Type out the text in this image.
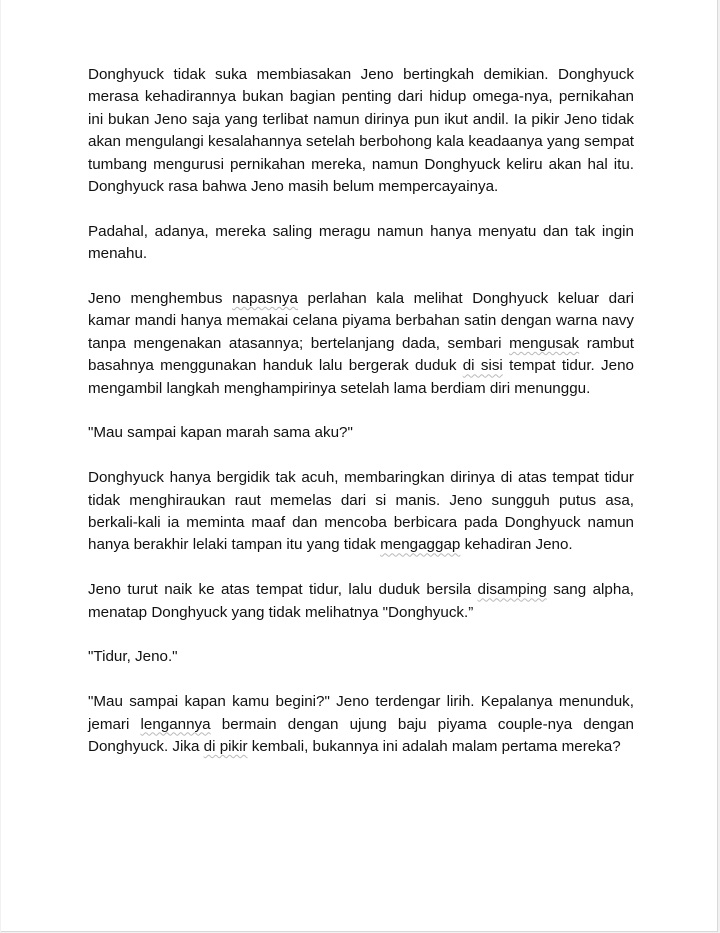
Donghyuck tidak suka membiasakan Jeno bertingkah demikian. Donghyuck merasa kehadirannya bukan bagian penting dari hidup omega-nya, pernikahan ini bukan Jeno saja yang terlibat namun dirinya pun ikut andil. Ia pikir Jeno tidak akan mengulangi kesalahannya setelah berbohong kala keadaanya yang sempat tumbang mengurusi pernikahan mereka, namun Donghyuck keliru akan hal itu. Donghyuck rasa bahwa Jeno masih belum mempercayainya.

Padahal, adanya, mereka saling meragu namun hanya menyatu dan tak ingin menahu.

Jeno menghembus napasnya perlahan kala melihat Donghyuck keluar dari kamar mandi hanya memakai celana piyama berbahan satin dengan warna navy tanpa mengenakan atasannya; bertelanjang dada, sembari mengusak rambut basahnya menggunakan handuk lalu bergerak duduk di sisi tempat tidur. Jeno mengambil langkah menghampirinya setelah lama berdiam diri menunggu.

"Mau sampai kapan marah sama aku?"

Donghyuck hanya bergidik tak acuh, membaringkan dirinya di atas tempat tidur tidak menghiraukan raut memelas dari si manis. Jeno sungguh putus asa, berkali-kali ia meminta maaf dan mencoba berbicara pada Donghyuck namun hanya berakhir lelaki tampan itu yang tidak mengaggap kehadiran Jeno.

Jeno turut naik ke atas tempat tidur, lalu duduk bersila disamping sang alpha, menatap Donghyuck yang tidak melihatnya "Donghyuck.”

"Tidur, Jeno."

"Mau sampai kapan kamu begini?" Jeno terdengar lirih. Kepalanya menunduk, jemari lengannya bermain dengan ujung baju piyama couple-nya dengan Donghyuck. Jika di pikir kembali, bukannya ini adalah malam pertama mereka?
